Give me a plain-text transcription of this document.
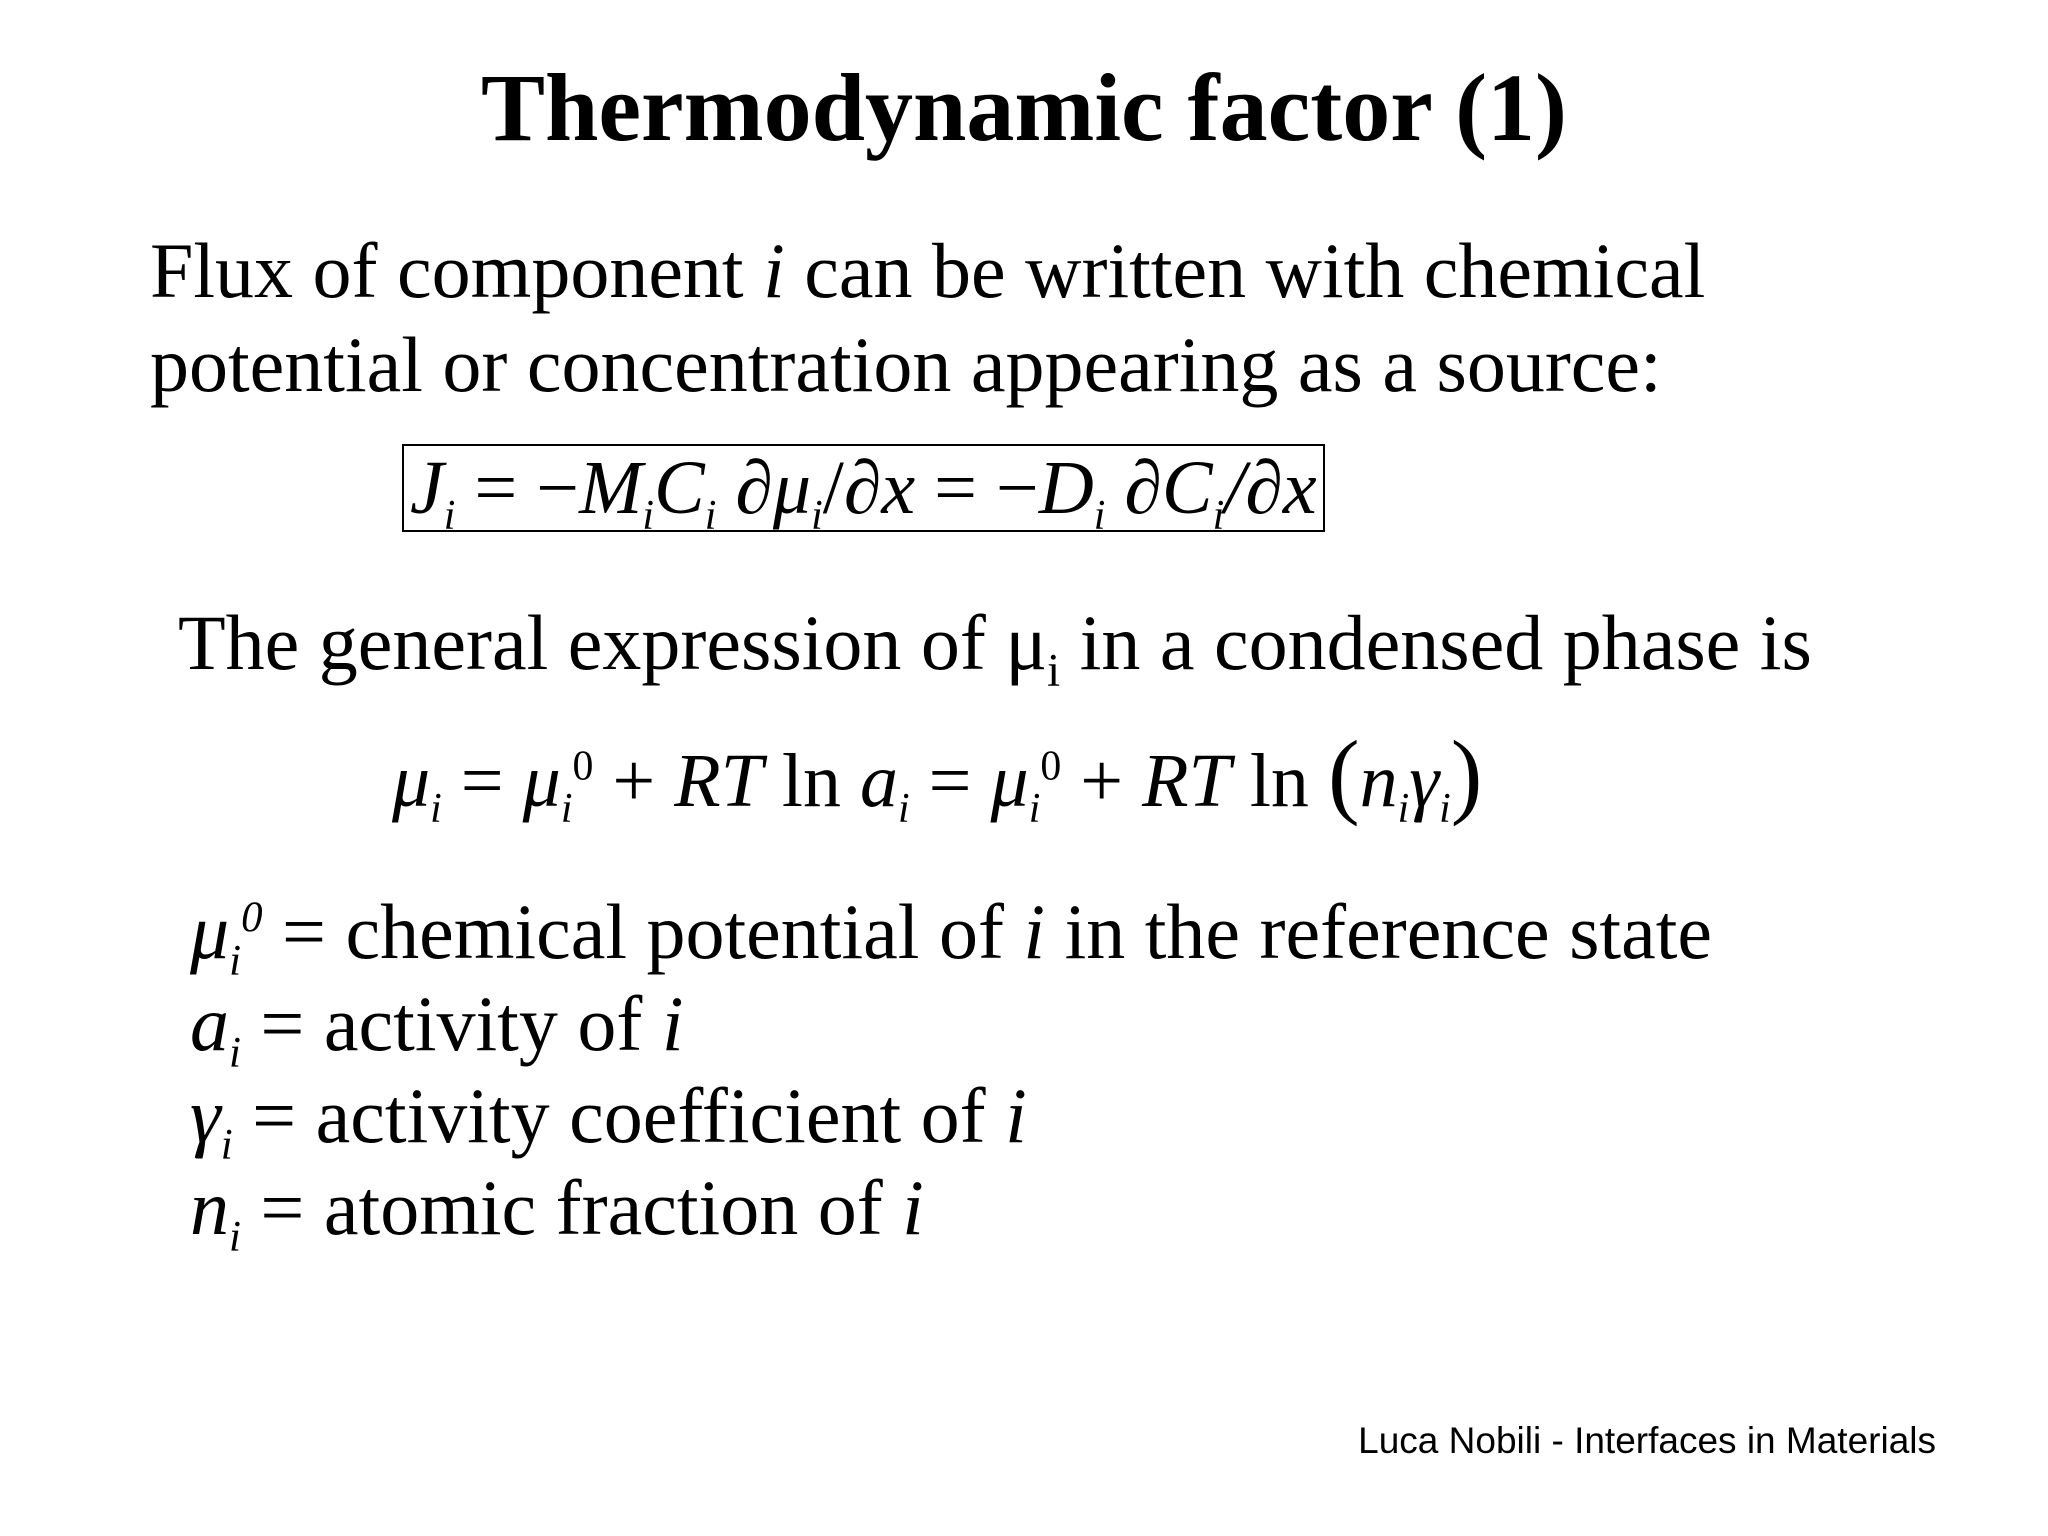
Thermodynamic factor (1)
Flux of component i can be written with chemical
potential or concentration appearing as a source:
$J_i = -M_iC_i$ $\partial\mu_i/\partial x = -D_i$ $\partial C_i/\partial x$
The general expression of $\mu_i$ in a condensed phase is
$\mu_i = \mu_i^0$ + RT $\ln a_i = \mu_i^0$ + RT $\ln (n_i\gamma_i)$
$\mu_i^0$ = chemical potential of i in the reference state
$a_i$ = activity of i
$\gamma_i$ = activity coefficient of i
$n_i$ = atomic fraction of i
Luca Nobili - Interfaces in Materials
